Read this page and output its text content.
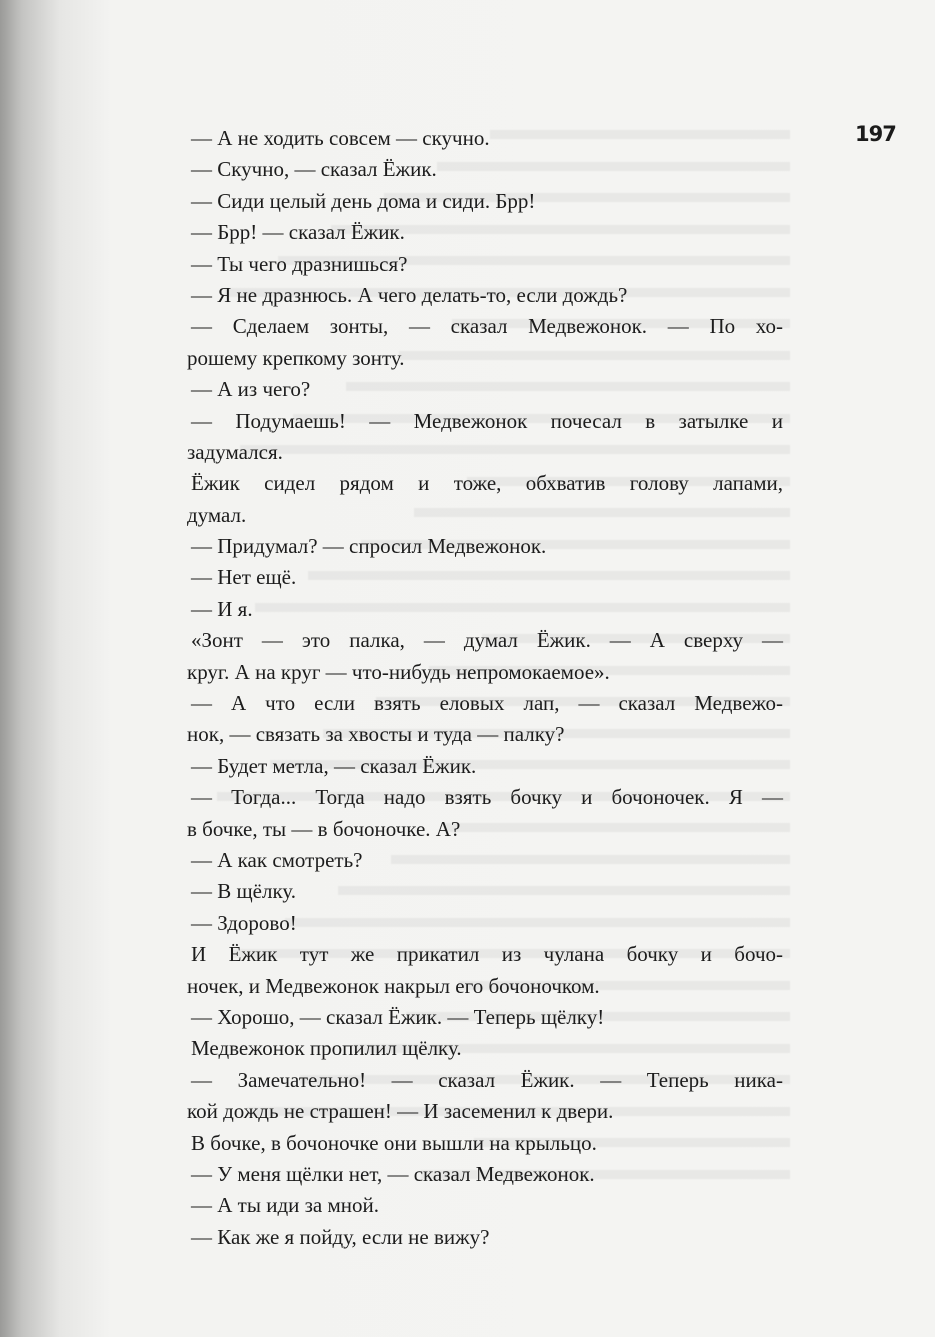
197
— А не ходить совсем — скучно.
— Скучно, — сказал Ёжик.
— Сиди целый день дома и сиди. Брр!
— Брр! — сказал Ёжик.
— Ты чего дразнишься?
— Я не дразнюсь. А чего делать-то, если дождь?
— Сделаем зонты, — сказал Медвежонок. — По хо-
рошему крепкому зонту.
— А из чего?
— Подумаешь! — Медвежонок почесал в затылке и
задумался.
Ёжик сидел рядом и тоже, обхватив голову лапами,
думал.
— Придумал? — спросил Медвежонок.
— Нет ещё.
— И я.
«Зонт — это палка, — думал Ёжик. — А сверху —
круг. А на круг — что-нибудь непромокаемое».
— А что если взять еловых лап, — сказал Медвежо-
нок, — связать за хвосты и туда — палку?
— Будет метла, — сказал Ёжик.
— Тогда... Тогда надо взять бочку и бочоночек. Я —
в бочке, ты — в бочоночке. А?
— А как смотреть?
— В щёлку.
— Здорово!
И Ёжик тут же прикатил из чулана бочку и бочо-
ночек, и Медвежонок накрыл его бочоночком.
— Хорошо, — сказал Ёжик. — Теперь щёлку!
Медвежонок пропилил щёлку.
— Замечательно! — сказал Ёжик. — Теперь ника-
кой дождь не страшен! — И засеменил к двери.
В бочке, в бочоночке они вышли на крыльцо.
— У меня щёлки нет, — сказал Медвежонок.
— А ты иди за мной.
— Как же я пойду, если не вижу?
